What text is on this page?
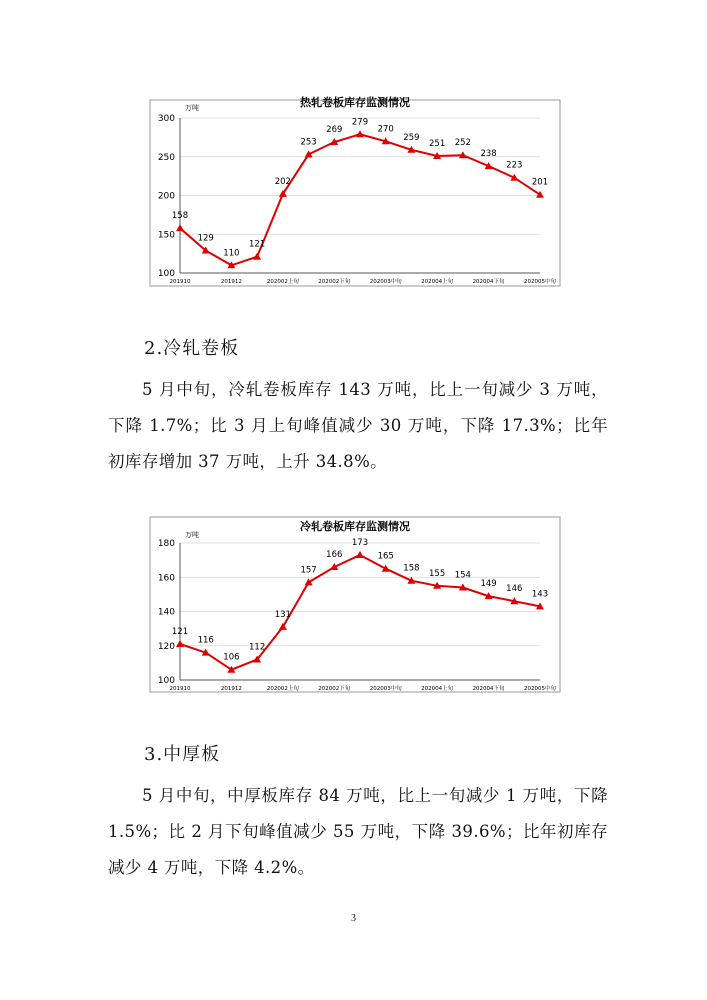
热轧卷板库存监测情况
万吨
100
150
200
250
300
201910	201912	202002上旬	202002下旬	202003中旬	202004上旬	202004下旬	202005中旬
158
129
110
121
202
253
269
279
270
259
251 252
238
223
201
2.冷轧卷板

5 月中旬，冷轧卷板库存 143 万吨，比上一旬减少 3 万吨，下降 1.7%；比 3 月上旬峰值减少 30 万吨，下降 17.3%；比年初库存增加 37 万吨，上升 34.8%。

冷轧卷板库存监测情况
万吨
100
120
140
160
180
201910	201912	202002上旬	202002下旬	202003中旬	202004上旬	202004下旬	202005中旬
121
116
106
112
131
157
166
173
165
158
155 154
149
146
143
3.中厚板

5 月中旬，中厚板库存 84 万吨，比上一旬减少 1 万吨，下降 1.5%；比 2 月下旬峰值减少 55 万吨，下降 39.6%；比年初库存减少 4 万吨，下降 4.2%。

3
